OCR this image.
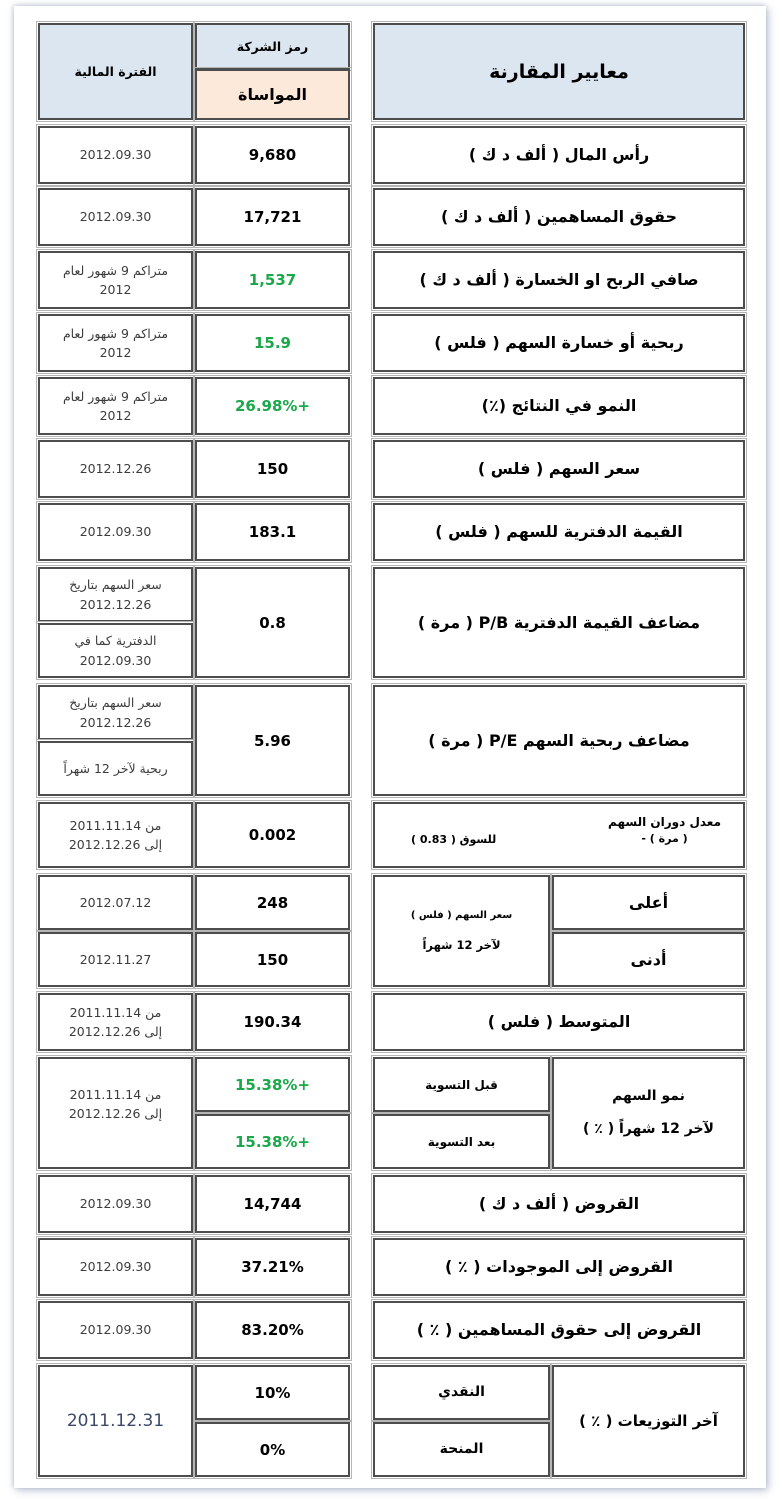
معايير المقارنة
رمز الشركة
المواساة
الفترة المالية
رأس المال ( ألف د ك )
9,680
2012.09.30
حقوق المساهمين ( ألف د ك )
17,721
2012.09.30
صافي الربح او الخسارة ( ألف د ك )
1,537
متراكم 9 شهور لعام
2012
ربحية أو خسارة السهم ( فلس )
15.9
متراكم 9 شهور لعام
2012
النمو في النتائج (٪)
26.98%+
متراكم 9 شهور لعام
2012
سعر السهم ( فلس )
150
2012.12.26
القيمة الدفترية للسهم ( فلس )
183.1
2012.09.30
مضاعف القيمة الدفترية P/B ( مرة )
0.8
سعر السهم بتاريخ
2012.12.26
الدفترية كما في
2012.09.30
مضاعف ربحية السهم P/E ( مرة )
5.96
سعر السهم بتاريخ
2012.12.26
ربحية لآخر 12 شهراً
معدل دوران السهم
( مرة ) -
للسوق ( 0.83 )
0.002
من 2011.11.14
إلى 2012.12.26
أعلى
أدنى
سعر السهم ( فلس )
لآخر 12 شهراً
248
150
2012.07.12
2012.11.27
المتوسط ( فلس )
190.34
من 2011.11.14
إلى 2012.12.26
نمو السهم
لآخر 12 شهراً ( ٪ )
قبل التسوية
بعد التسوية
15.38%+
15.38%+
من 2011.11.14
إلى 2012.12.26
القروض ( ألف د ك )
14,744
2012.09.30
القروض إلى الموجودات ( ٪ )
37.21%
2012.09.30
القروض إلى حقوق المساهمين ( ٪ )
83.20%
2012.09.30
آخر التوزيعات ( ٪ )
النقدي
المنحة
10%
0%
2011.12.31
